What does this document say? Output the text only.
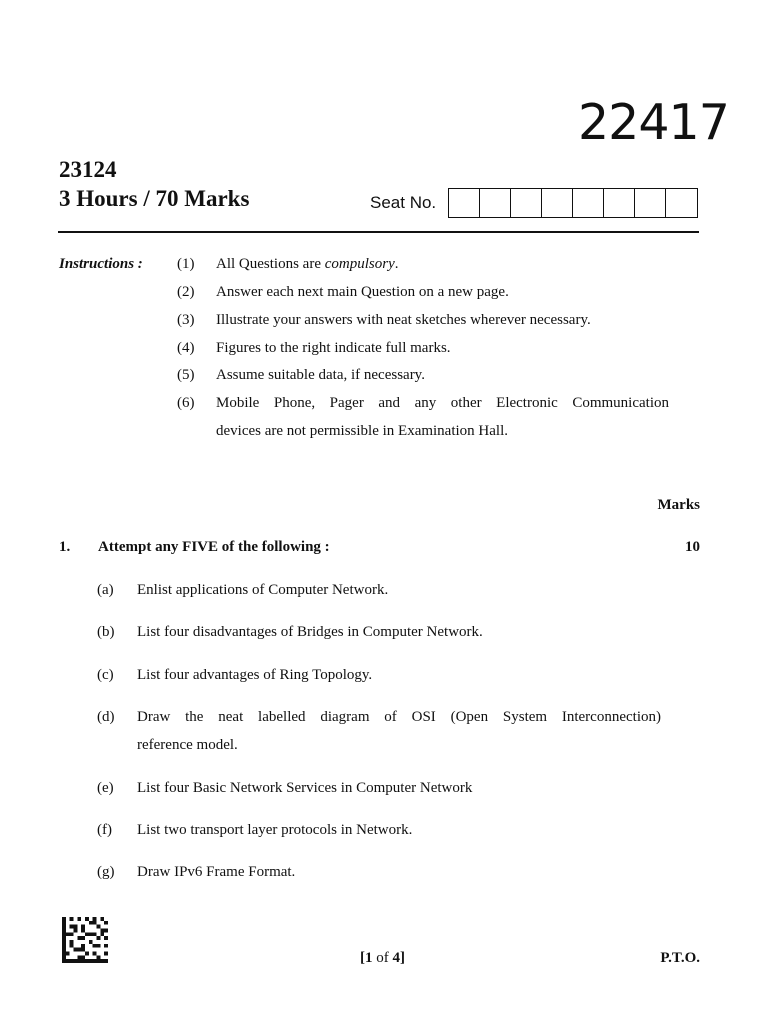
22417
23124
3 Hours / 70 Marks	Seat No.
Instructions : (1) All Questions are compulsory.
(2) Answer each next main Question on a new page.
(3) Illustrate your answers with neat sketches wherever necessary.
(4) Figures to the right indicate full marks.
(5) Assume suitable data, if necessary.
(6) Mobile Phone, Pager and any other Electronic Communication
devices are not permissible in Examination Hall.
Marks
1. Attempt any FIVE of the following :	10
(a) Enlist applications of Computer Network.
(b) List four disadvantages of Bridges in Computer Network.
(c) List four advantages of Ring Topology.
(d) Draw the neat labelled diagram of OSI (Open System Interconnection)
reference model.
(e) List four Basic Network Services in Computer Network
(f) List two transport layer protocols in Network.
(g) Draw IPv6 Frame Format.
[1 of 4]	P.T.O.
